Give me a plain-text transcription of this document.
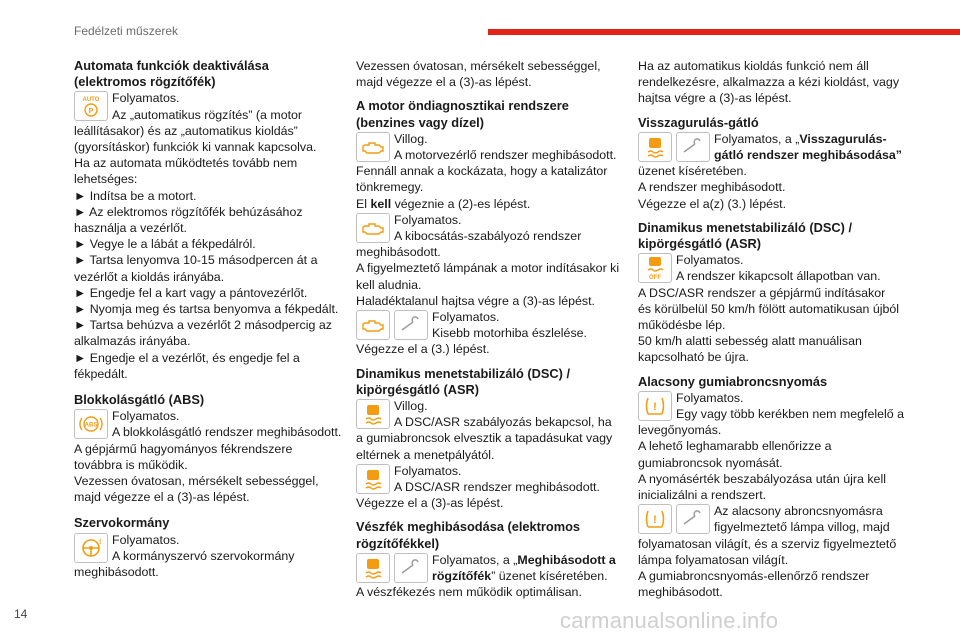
Fedélzeti műszerek
Automata funkciók deaktiválása
(elektromos rögzítőfék)
AUTO
P
Folyamatos.
Az „automatikus rögzítés” (a motor
leállításakor) és az „automatikus kioldás”
(gyorsításkor) funkciók ki vannak kapcsolva.
Ha az automata működtetés tovább nem
lehetséges:
► Indítsa be a motort.
► Az elektromos rögzítőfék behúzásához
használja a vezérlőt.
► Vegye le a lábát a fékpedálról.
► Tartsa lenyomva 10-15 másodpercen át a
vezérlőt a kioldás irányába.
► Engedje fel a kart vagy a pántovezérlőt.
► Nyomja meg és tartsa benyomva a fékpedált.
► Tartsa behúzva a vezérlőt 2 másodpercig az
alkalmazás irányába.
► Engedje el a vezérlőt, és engedje fel a
fékpedált.
Blokkolásgátló (ABS)
ABS
Folyamatos.
A blokkolásgátló rendszer meghibásodott.
A gépjármű hagyományos fékrendszere
továbbra is működik.
Vezessen óvatosan, mérsékelt sebességgel,
majd végezze el a (3)-as lépést.
Szervokormány
! Folyamatos.
A kormányszervó szervokormány
meghibásodott.
Vezessen óvatosan, mérsékelt sebességgel,
majd végezze el a (3)-as lépést.
A motor öndiagnosztikai rendszere
(benzines vagy dízel)
Villog.
A motorvezérlő rendszer meghibásodott.
Fennáll annak a kockázata, hogy a katalizátor
tönkremegy.
El kell végeznie a (2)-es lépést.
Folyamatos.
A kibocsátás-szabályozó rendszer
meghibásodott.
A figyelmeztető lámpának a motor indításakor ki
kell aludnia.
Haladéktalanul hajtsa végre a (3)-as lépést.
Folyamatos.
Kisebb motorhiba észlelése.
Végezze el a (3.) lépést.
Dinamikus menetstabilizáló (DSC) /
kipörgésgátló (ASR)
Villog.
A DSC/ASR szabályozás bekapcsol, ha
a gumiabroncsok elvesztik a tapadásukat vagy
eltérnek a menetpályától.
Folyamatos.
A DSC/ASR rendszer meghibásodott.
Végezze el a (3)-as lépést.
Vészfék meghibásodása (elektromos
rögzítőfékkel)
Folyamatos, a „Meghibásodott a
rögzítőfék” üzenet kíséretében.
A vészfékezés nem működik optimálisan.
Ha az automatikus kioldás funkció nem áll
rendelkezésre, alkalmazza a kézi kioldást, vagy
hajtsa végre a (3)-as lépést.
Visszagurulás-gátló
Folyamatos, a „Visszagurulás-
gátló rendszer meghibásodása”
üzenet kíséretében.
A rendszer meghibásodott.
Végezze el a(z) (3.) lépést.
Dinamikus menetstabilizáló (DSC) /
kipörgésgátló (ASR)
OFF
Folyamatos.
A rendszer kikapcsolt állapotban van.
A DSC/ASR rendszer a gépjármű indításakor
és körülbelül 50 km/h fölött automatikusan újból
működésbe lép.
50 km/h alatti sebesség alatt manuálisan
kapcsolható be újra.
Alacsony gumiabroncsnyomás
!
Folyamatos.
Egy vagy több kerékben nem megfelelő a
levegőnyomás.
A lehető leghamarabb ellenőrizze a
gumiabroncsok nyomását.
A nyomásérték beszabályozása után újra kell
inicializálni a rendszert.
!
Az alacsony abroncsnyomásra
figyelmeztető lámpa villog, majd
folyamatosan világít, és a szerviz figyelmeztető
lámpa folyamatosan világít.
A gumiabroncsnyomás-ellenőrző rendszer
meghibásodott.
14	carmanualsonline.info
